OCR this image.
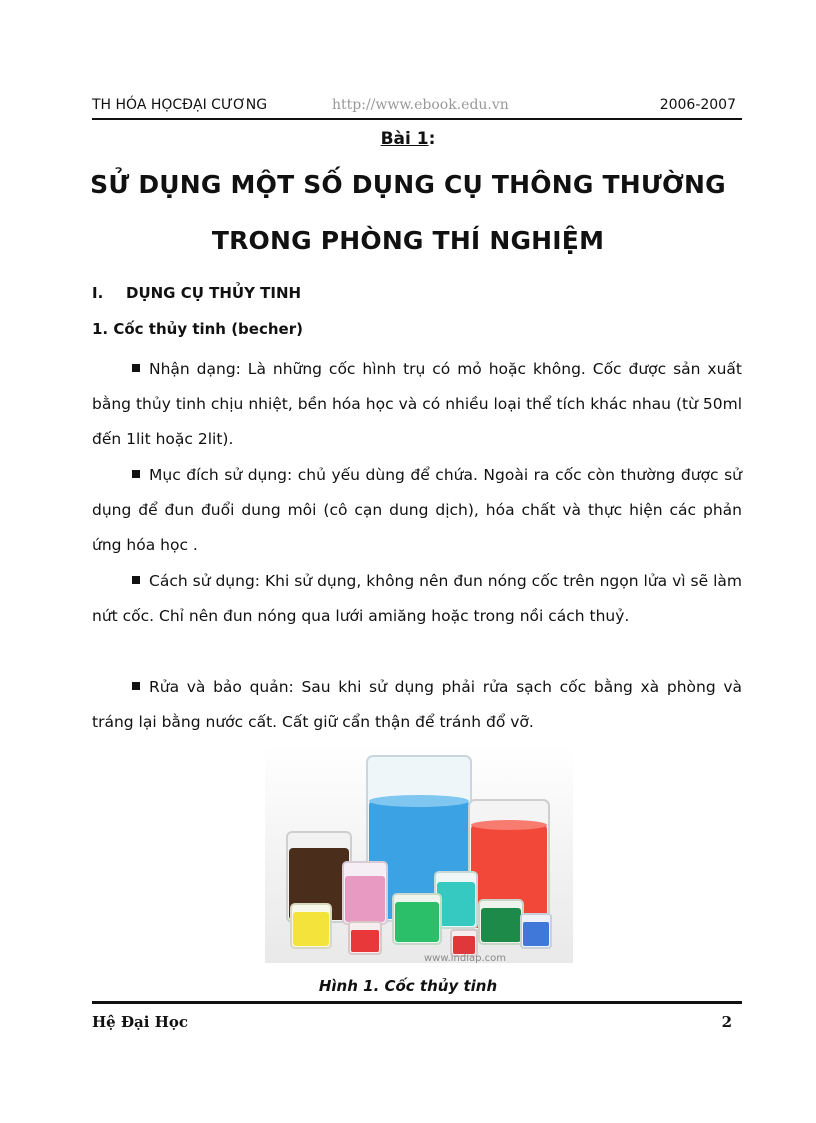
TH HÓA HỌCĐẠI CƯƠNG	http://www.ebook.edu.vn	2006-2007
Bài 1:
SỬ DỤNG MỘT SỐ DỤNG CỤ THÔNG THƯỜNG
TRONG PHÒNG THÍ NGHIỆM
I. DỤNG CỤ THỦY TINH
1. Cốc thủy tinh (becher)
Nhận dạng: Là những cốc hình trụ có mỏ hoặc không. Cốc được sản xuất bằng thủy tinh chịu nhiệt, bền hóa học và có nhiều loại thể tích khác nhau (từ 50ml đến 1lit hoặc 2lit).
Mục đích sử dụng: chủ yếu dùng để chứa. Ngoài ra cốc còn thường được sử dụng để đun đuổi dung môi (cô cạn dung dịch), hóa chất và thực hiện các phản ứng hóa học .
Cách sử dụng: Khi sử dụng, không nên đun nóng cốc trên ngọn lửa vì sẽ làm nứt cốc. Chỉ nên đun nóng qua lưới amiăng hoặc trong nồi cách thuỷ.
Rửa và bảo quản: Sau khi sử dụng phải rửa sạch cốc bằng xà phòng và tráng lại bằng nước cất. Cất giữ cẩn thận để tránh đổ vỡ.
www.indiap.com
Hình 1. Cốc thủy tinh
Hệ Đại Học	2
